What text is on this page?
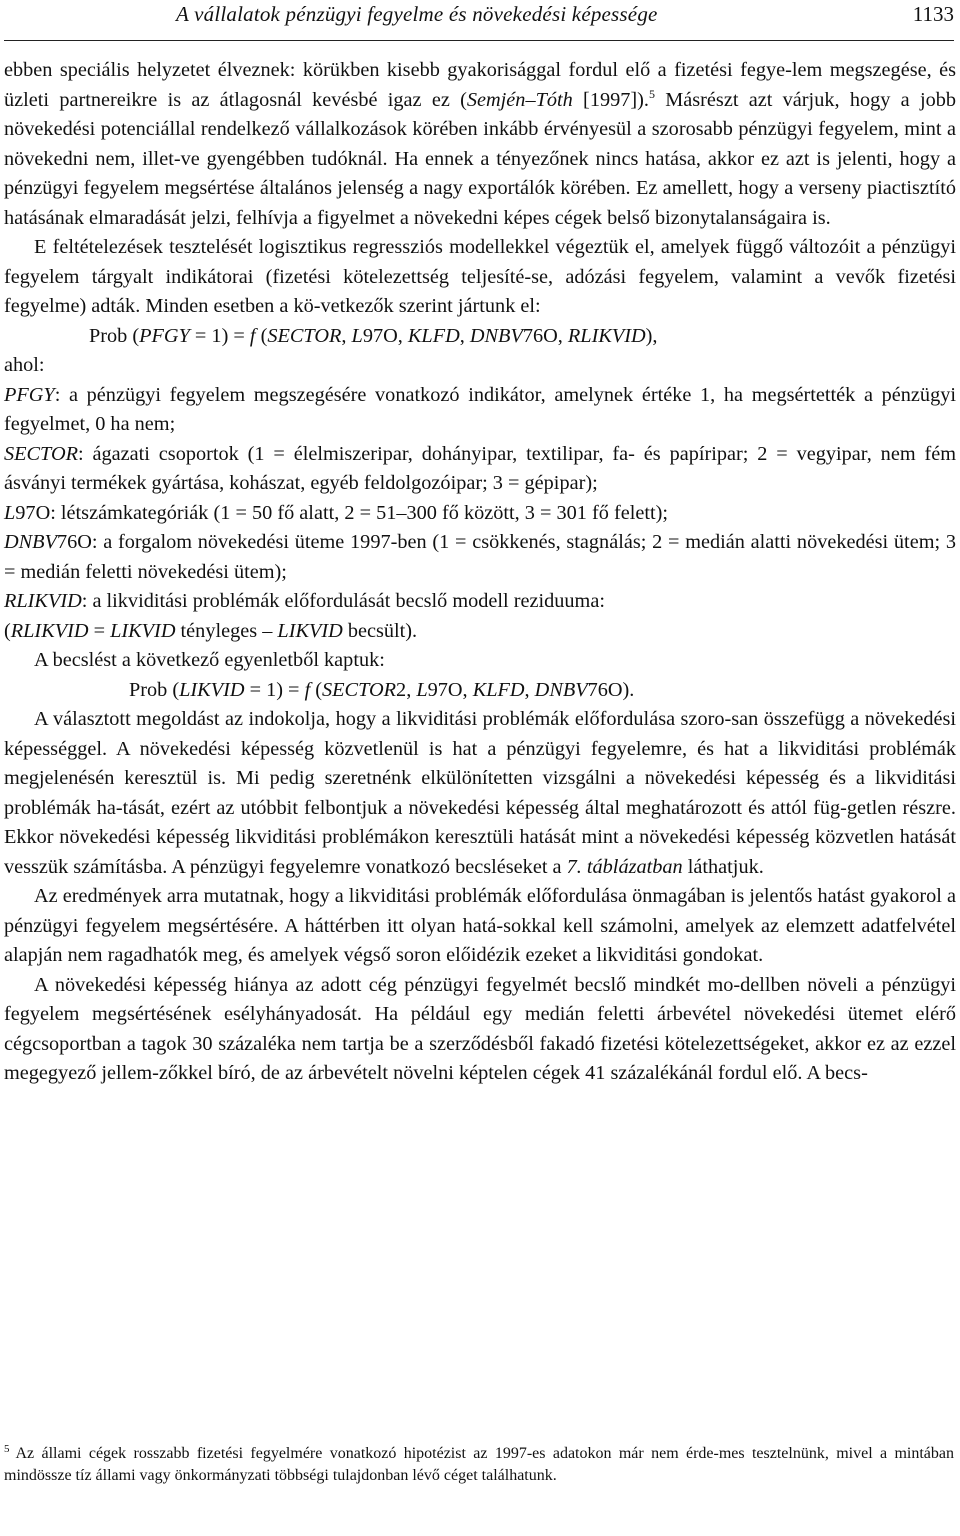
A vállalatok pénzügyi fegyelme és növekedési képessége	1133

ebben speciális helyzetet élveznek: körükben kisebb gyakorisággal fordul elő a fizetési fegye-lem megszegése, és üzleti partnereikre is az átlagosnál kevésbé igaz ez (Semjén–Tóth [1997]).$^5$ Másrészt azt várjuk, hogy a jobb növekedési potenciállal rendelkező vállalkozások körében inkább érvényesül a szorosabb pénzügyi fegyelem, mint a növekedni nem, illet-ve gyengébben tudóknál. Ha ennek a tényezőnek nincs hatása, akkor ez azt is jelenti, hogy a pénzügyi fegyelem megsértése általános jelenség a nagy exportálók körében. Ez amellett, hogy a verseny piactisztító hatásának elmaradását jelzi, felhívja a figyelmet a növekedni képes cégek belső bizonytalanságaira is.

E feltételezések tesztelését logisztikus regressziós modellekkel végeztük el, amelyek függő változóit a pénzügyi fegyelem tárgyalt indikátorai (fizetési kötelezettség teljesíté-se, adózási fegyelem, valamint a vevők fizetési fegyelme) adták. Minden esetben a kö-vetkezők szerint jártunk el:

Prob (PFGY = 1) = f (SECTOR, L97O, KLFD, DNBV76O, RLIKVID),

ahol:

PFGY: a pénzügyi fegyelem megszegésére vonatkozó indikátor, amelynek értéke 1, ha megsértették a pénzügyi fegyelmet, 0 ha nem;

SECTOR: ágazati csoportok (1 = élelmiszeripar, dohányipar, textilipar, fa- és papíripar; 2 = vegyipar, nem fém ásványi termékek gyártása, kohászat, egyéb feldolgozóipar; 3 = gépipar);

L97O: létszámkategóriák (1 = 50 fő alatt, 2 = 51–300 fő között, 3 = 301 fő felett);

DNBV76O: a forgalom növekedési üteme 1997-ben (1 = csökkenés, stagnálás; 2 = medián alatti növekedési ütem; 3 = medián feletti növekedési ütem);

RLIKVID: a likviditási problémák előfordulását becslő modell reziduuma:

(RLIKVID = LIKVID tényleges – LIKVID becsült).

A becslést a következő egyenletből kaptuk:

Prob (LIKVID = 1) = f (SECTOR2, L97O, KLFD, DNBV76O).

A választott megoldást az indokolja, hogy a likviditási problémák előfordulása szoro-san összefügg a növekedési képességgel. A növekedési képesség közvetlenül is hat a pénzügyi fegyelemre, és hat a likviditási problémák megjelenésén keresztül is. Mi pedig szeretnénk elkülönítetten vizsgálni a növekedési képesség és a likviditási problémák ha-tását, ezért az utóbbit felbontjuk a növekedési képesség által meghatározott és attól füg-getlen részre. Ekkor növekedési képesség likviditási problémákon keresztüli hatását mint a növekedési képesség közvetlen hatását vesszük számításba. A pénzügyi fegyelemre vonatkozó becsléseket a 7. táblázatban láthatjuk.

Az eredmények arra mutatnak, hogy a likviditási problémák előfordulása önmagában is jelentős hatást gyakorol a pénzügyi fegyelem megsértésére. A háttérben itt olyan hatá-sokkal kell számolni, amelyek az elemzett adatfelvétel alapján nem ragadhatók meg, és amelyek végső soron előidézik ezeket a likviditási gondokat.

A növekedési képesség hiánya az adott cég pénzügyi fegyelmét becslő mindkét mo-dellben növeli a pénzügyi fegyelem megsértésének esélyhányadosát. Ha például egy medián feletti árbevétel növekedési ütemet elérő cégcsoportban a tagok 30 százaléka nem tartja be a szerződésből fakadó fizetési kötelezettségeket, akkor ez az ezzel megegyező jellem-zőkkel bíró, de az árbevételt növelni képtelen cégek 41 százalékánál fordul elő. A becs-

$^5$ Az állami cégek rosszabb fizetési fegyelmére vonatkozó hipotézist az 1997-es adatokon már nem érde-mes tesztelnünk, mivel a mintában mindössze tíz állami vagy önkormányzati többségi tulajdonban lévő céget találhatunk.
